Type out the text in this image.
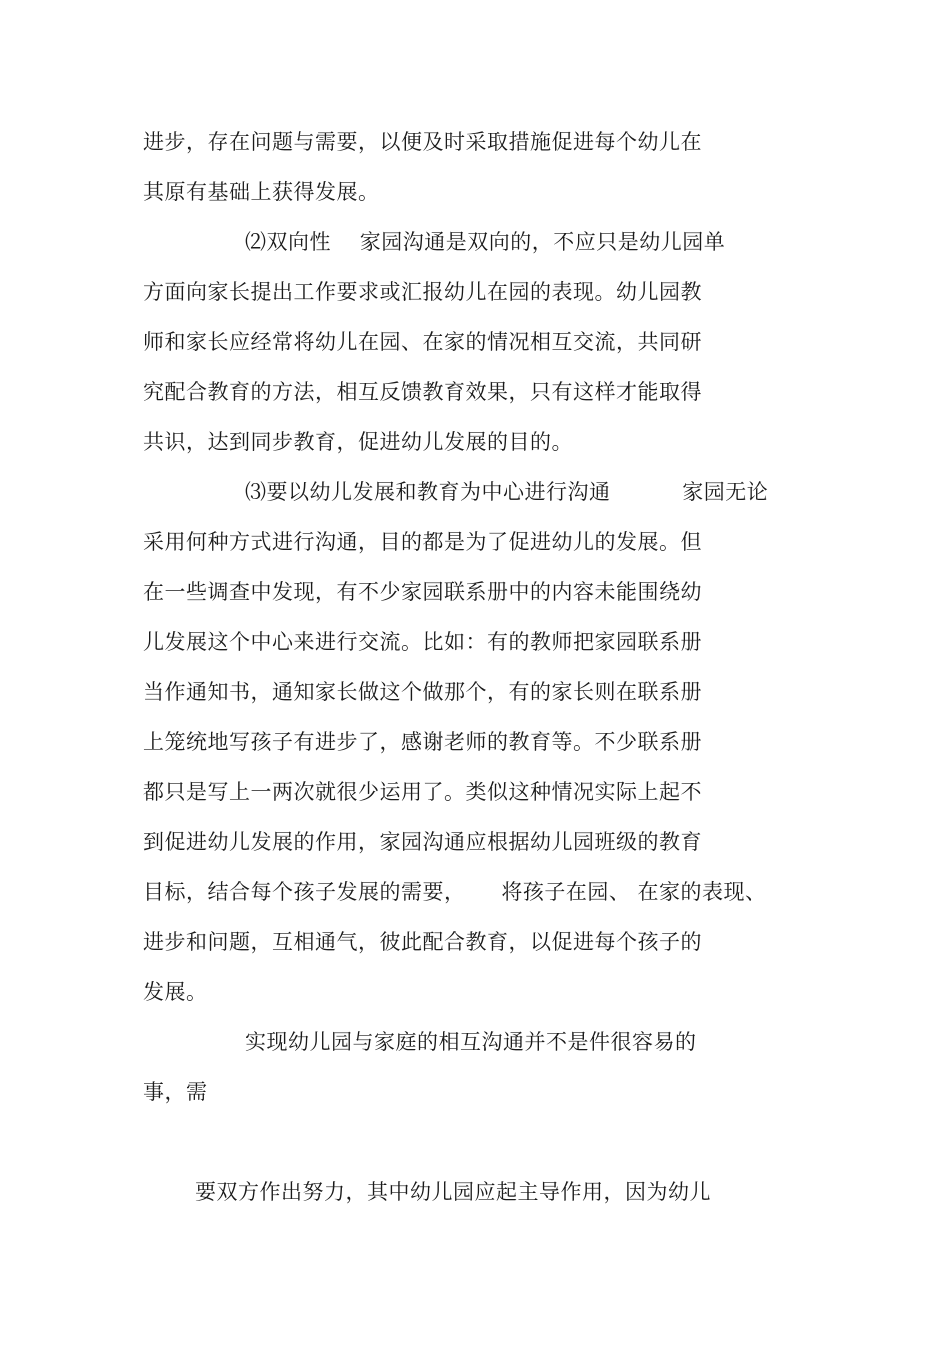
进步，存在问题与需要，以便及时采取措施促进每个幼儿在
其原有基础上获得发展。
⑵双向性    家园沟通是双向的，不应只是幼儿园单
方面向家长提出工作要求或汇报幼儿在园的表现。幼儿园教
师和家长应经常将幼儿在园、在家的情况相互交流，共同研
究配合教育的方法，相互反馈教育效果，只有这样才能取得
共识，达到同步教育，促进幼儿发展的目的。
⑶要以幼儿发展和教育为中心进行沟通          家园无论
采用何种方式进行沟通，目的都是为了促进幼儿的发展。但
在一些调查中发现，有不少家园联系册中的内容未能围绕幼
儿发展这个中心来进行交流。比如：有的教师把家园联系册
当作通知书，通知家长做这个做那个，有的家长则在联系册
上笼统地写孩子有进步了，感谢老师的教育等。不少联系册
都只是写上一两次就很少运用了。类似这种情况实际上起不
到促进幼儿发展的作用，家园沟通应根据幼儿园班级的教育
目标，结合每个孩子发展的需要，     将孩子在园、 在家的表现、
进步和问题，互相通气，彼此配合教育，以促进每个孩子的
发展。
实现幼儿园与家庭的相互沟通并不是件很容易的
事，需
要双方作出努力，其中幼儿园应起主导作用，因为幼儿
